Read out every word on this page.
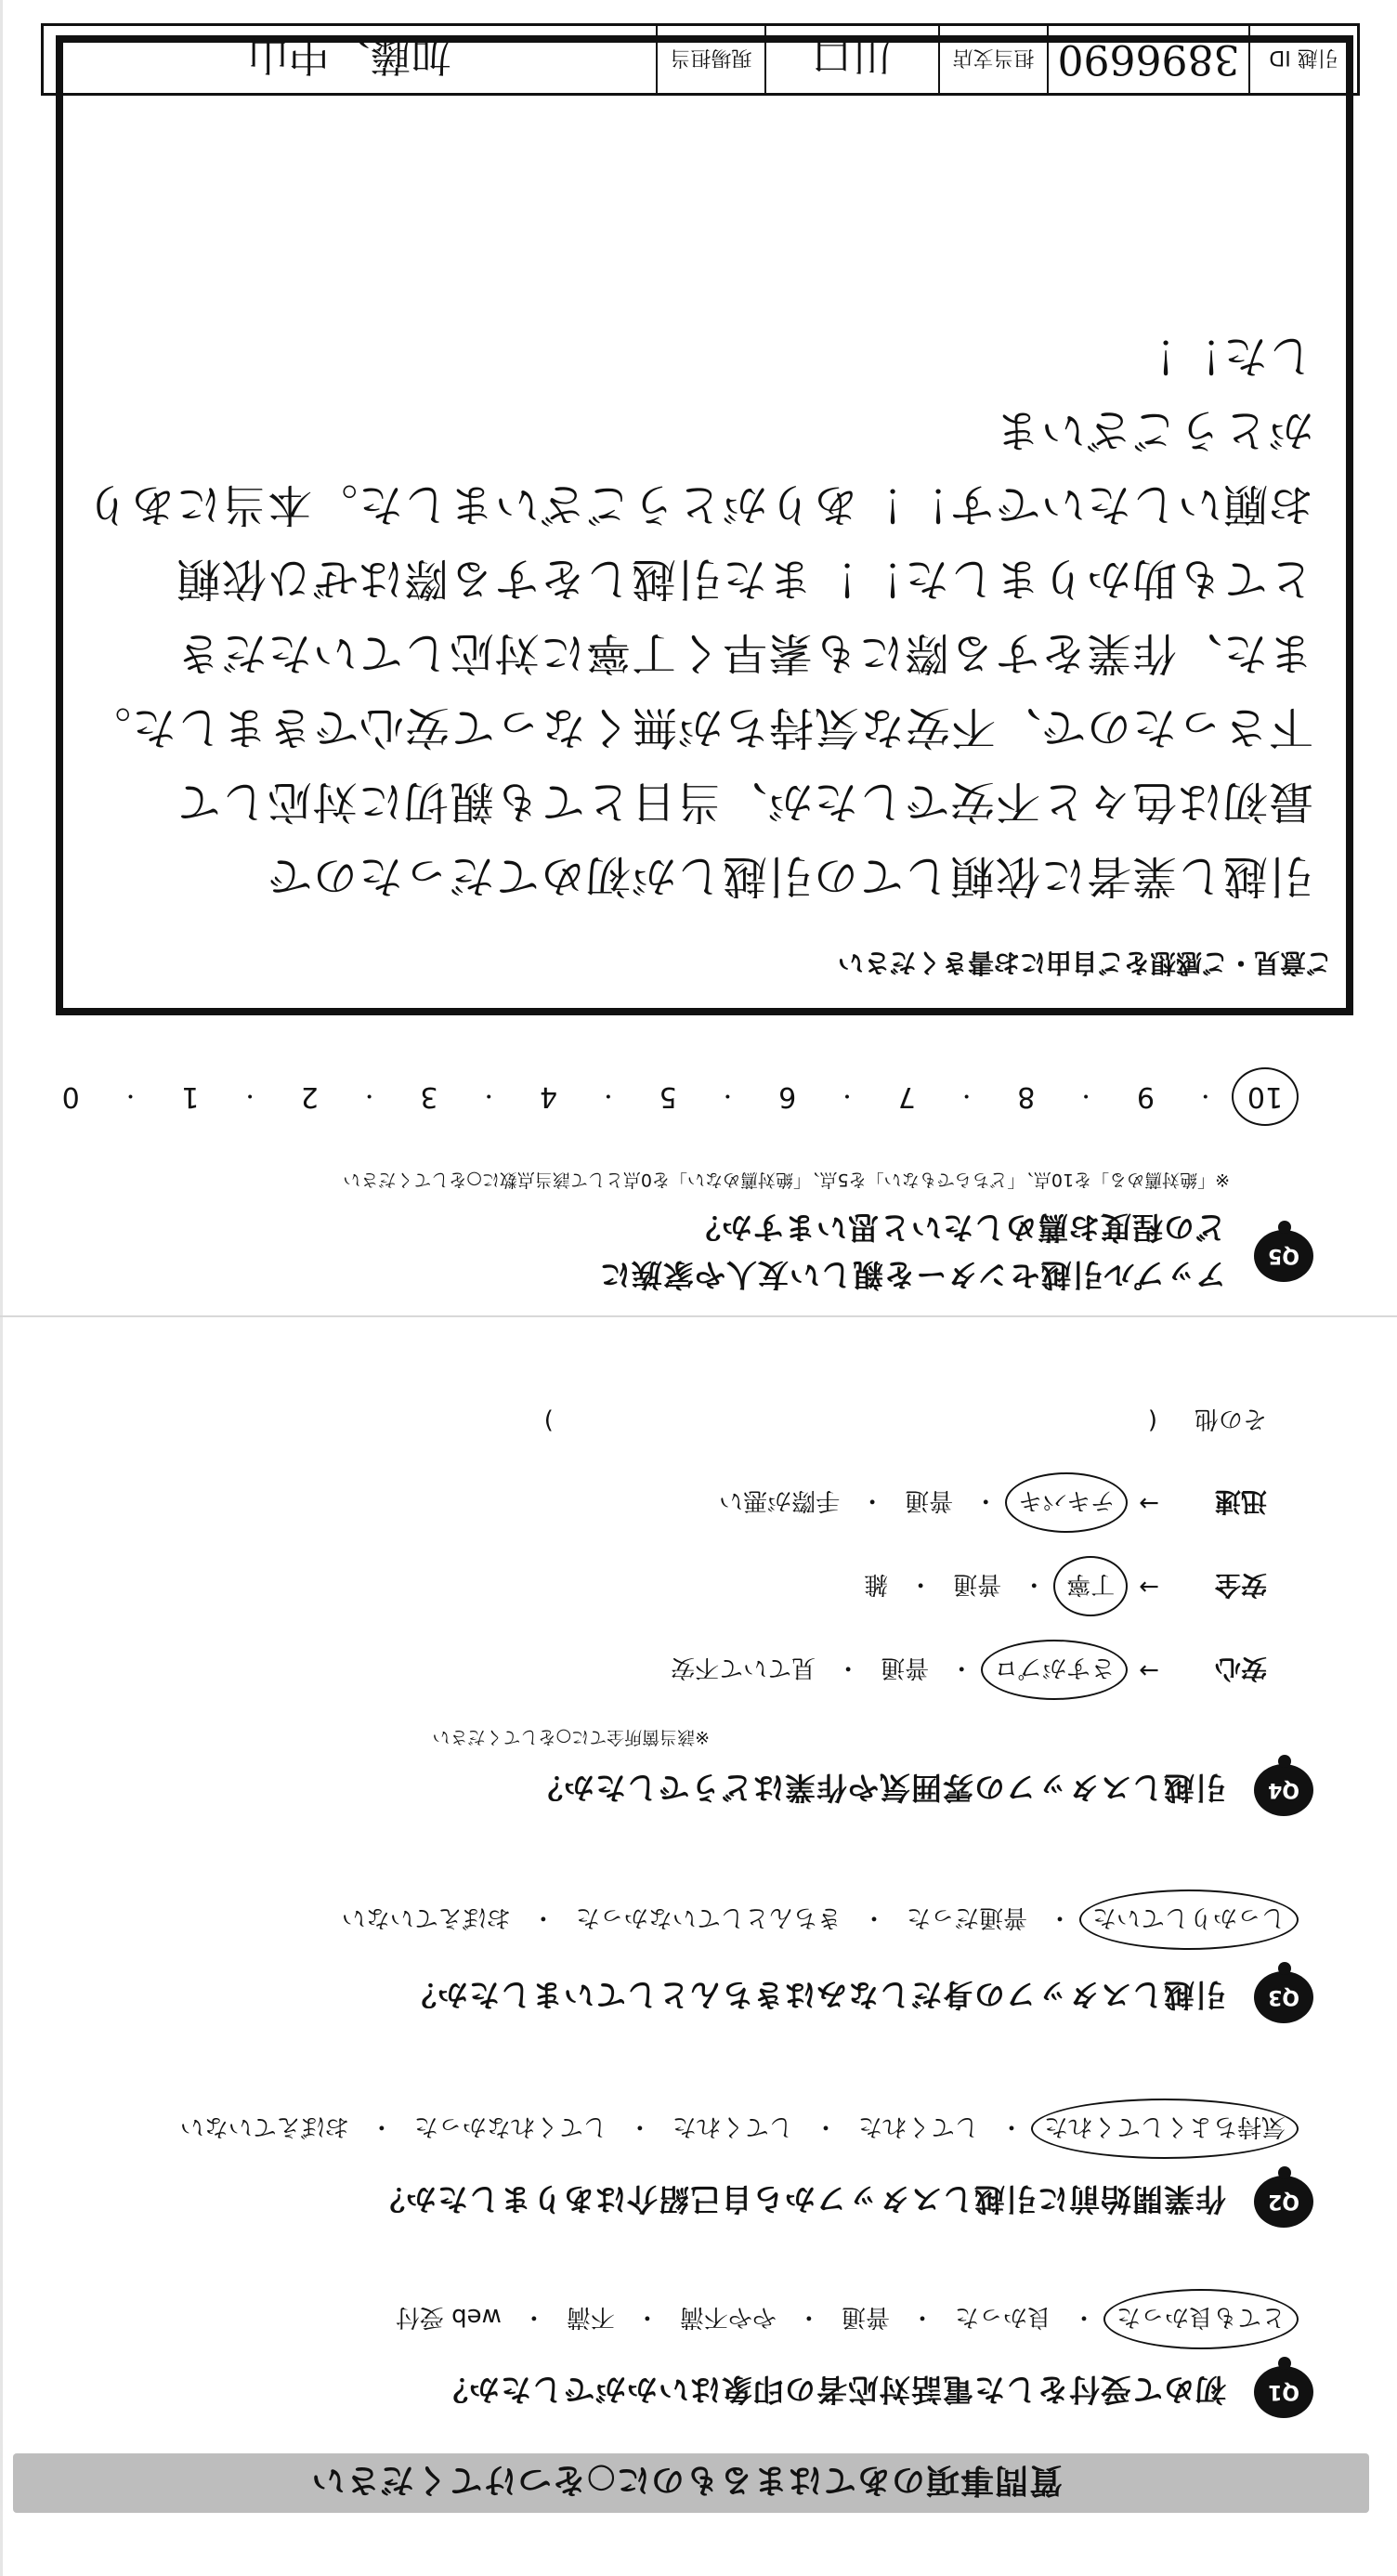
質問事項のあてはまるものに○をつけてください
Q1
初めて受付をした電話対応者の印象はいかがでしたか？
とても良かった
・
良かった
・
普通
・
やや不満
・
不満
・
web 受付
Q2
作業開始前に引越しスタッフから自己紹介はありましたか？
気持ちよくしてくれた
・
してくれた
・
してくれた
・
してくれなかった
・
おぼえていない
Q3
引越しスタッフの身だしなみはきちんとしていましたか？
しっかりしていた
・
普通だった
・
きちんとしていなかった
・
おぼえていない
Q4
引越しスタッフの雰囲気や作業はどうでしたか？
※該当箇所全てに○をしてください
安心
→
さすがプロ
・
普通
・
見ていて不安
安全
→
丁寧
・
普通
・
雑
迅速
→
テキパキ
・
普通
・
手際が悪い
その他
(
)
Q5
アップル引越センターを親しい友人や家族に
どの程度お薦めしたいと思いますか？
※「絶対薦める」を10点、「どちらでもない」を5点、「絶対薦めない」を0点として該当点数に○をしてください
10
・
9
・
8
・
7
・
6
・
5
・
4
・
3
・
2
・
1
・
0
ご意見・ご感想をご自由にお書きください
引越し業者に依頼しての引越しが初めてだったので
最初は色々と不安でしたが、当日とても親切に対応して
下さったので、不安な気持ちが無くなって安心できました。
また、作業をする際にも素早く丁寧に対応していただき
とても助かりました！！また引越しをする際はぜひ依頼
お願いしたいです！！ありがとうございました。本当にありがとうございま
した！！
引越 ID
3896690
担当支店
川口
現場担当
加藤、中山
